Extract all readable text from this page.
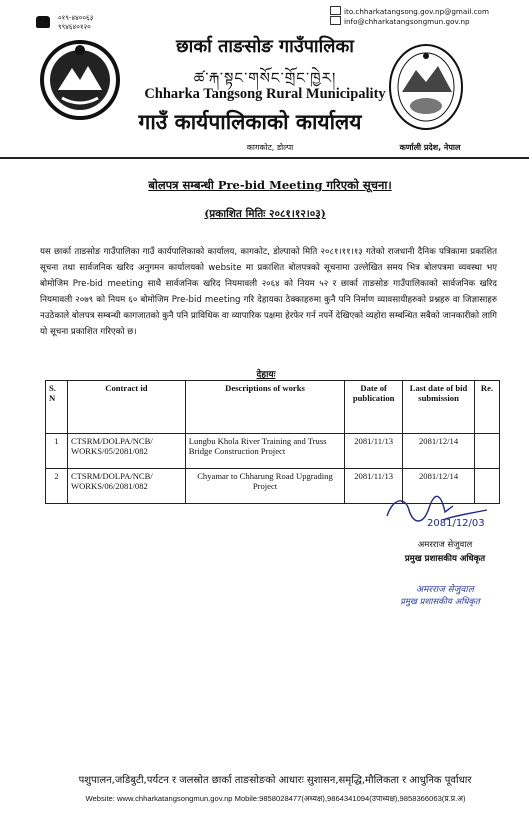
०१९-४४००६३
९९४६४०१२०
ito.chharkatangsong.gov.np@gmail.com
info@chharkatangsongmun.gov.np
छार्का ताङसोङ गाउँपालिका
ཚ་རྐ་སྟང་གསོང་གྲོང་ཁྱེར།
Chharka Tangsong Rural Municipality
गाउँ कार्यपालिकाको कार्यालय
कागकोट, डोल्पा	कर्णाली प्रदेश, नेपाल
बोलपत्र सम्बन्धी Pre-bid Meeting गरिएको सूचना।
(प्रकाशित मितिः २०८१।१२।०३)
यस छार्का ताङसोङ गाउँपालिका गाउँ कार्यपालिकाको कार्यालय, कागकोट, डोल्पाको मिति २०८१।११।१३ गतेको राजधानी दैनिक पत्रिकामा प्रकाशित सूचना तथा सार्वजनिक खरिद अनुगमन कार्यालयको website मा प्रकाशित बोलपत्रको सूचनामा उल्लेखित समय भित्र बोलपत्रमा व्यवस्था भए बोमोजिम Pre-bid meeting साथै सार्वजनिक खरिद नियमावली २०६४ को नियम ५२ र छार्का ताङसोङ गाउँपालिकाको सार्वजनिक खरिद नियमावली २०७९ को नियम ६० बोमोजिम Pre-bid meeting गरि देहायका ठेक्काहरुमा कुनै पनि निर्माण व्यावसायीहरुको प्रश्नहरु वा जिज्ञासाहरु नउठेकाले बोलपत्र सम्बन्धी कागजातको कुनै पनि प्राविधिक वा व्यापारिक पक्षमा हेरफेर गर्न नपर्ने देखिएको व्यहोरा सम्बन्धित सबैको जानकारीको लागि यो सूचना प्रकाशित गरिएको छ।
देहायः
S. N	Contract id	Descriptions of works	Date of publication	Last date of bid submission	Re.
1	CTSRM/DOLPA/NCB/ WORKS/05/2081/082	Lungbu Khola River Training and Truss Bridge Construction Project	2081/11/13	2081/12/14	
2	CTSRM/DOLPA/NCB/ WORKS/06/2081/082	Chyamar to Chharung Road Upgrading Project	2081/11/13	2081/12/14	
2081/12/03
अमरराज सेजुवाल
प्रमुख प्रशासकीय अधिकृत
अमरराज सेजुवाल
प्रमुख प्रशासकीय अधिकृत
पशुपालन,जडिबुटी,पर्यटन र जलस्रोत छार्का ताङसोङको आधारः सुशासन,समृद्धि,मौलिकता र आधुनिक पूर्वाधार
Website: www.chharkatangsongmun.gov.np Mobile:9858028477(अध्यक्ष),9864341094(उपाध्यक्ष),9858366063(प्र.प्र.अ)
